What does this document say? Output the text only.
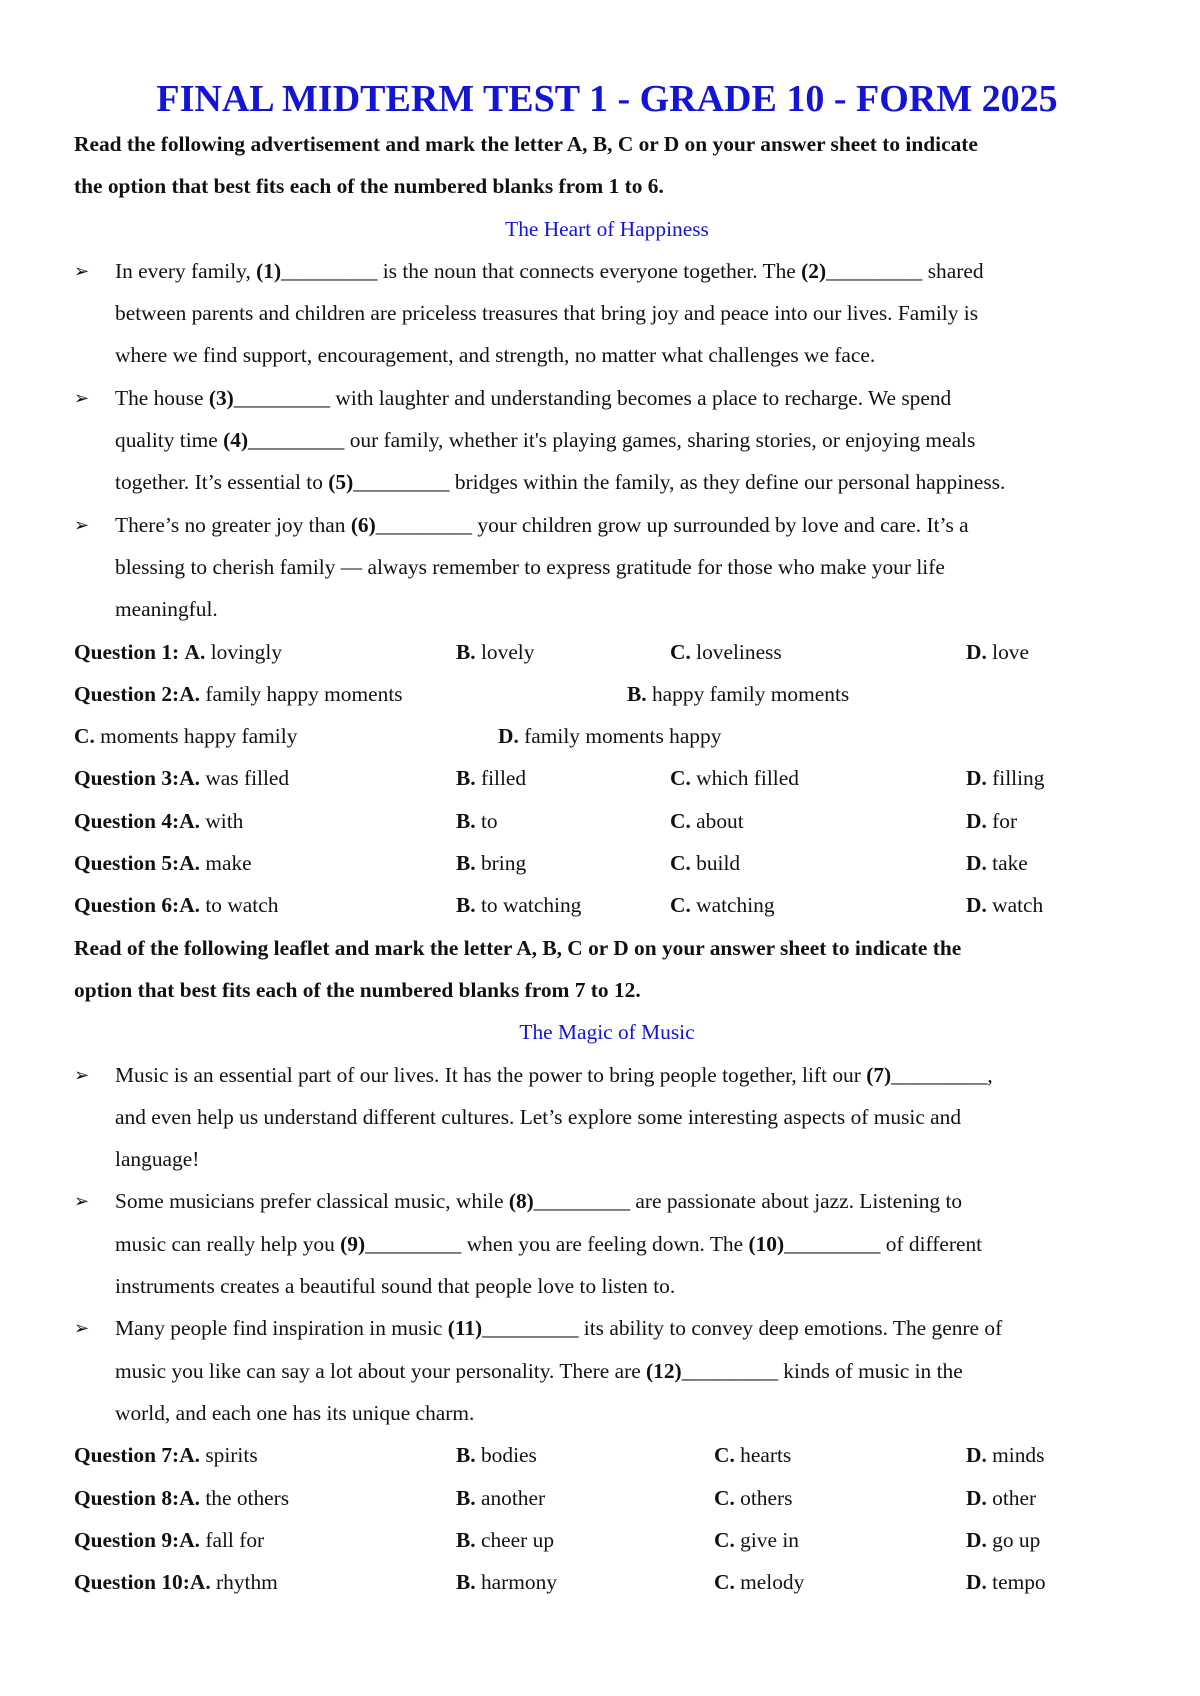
FINAL MIDTERM TEST 1 - GRADE 10 - FORM 2025
Read the following advertisement and mark the letter A, B, C or D on your answer sheet to indicate
the option that best fits each of the numbered blanks from 1 to 6.
The Heart of Happiness
➢ In every family, (1)_________ is the noun that connects everyone together. The (2)_________ shared
between parents and children are priceless treasures that bring joy and peace into our lives. Family is
where we find support, encouragement, and strength, no matter what challenges we face.
➢ The house (3)_________ with laughter and understanding becomes a place to recharge. We spend
quality time (4)_________ our family, whether it's playing games, sharing stories, or enjoying meals
together. It’s essential to (5)_________ bridges within the family, as they define our personal happiness.
➢ There’s no greater joy than (6)_________ your children grow up surrounded by love and care. It’s a
blessing to cherish family — always remember to express gratitude for those who make your life
meaningful.
Question 1: A. lovingly	B. lovely	C. loveliness	D. love
Question 2:A. family happy moments	B. happy family moments
C. moments happy family	D. family moments happy
Question 3:A. was filled	B. filled	C. which filled	D. filling
Question 4:A. with	B. to	C. about	D. for
Question 5:A. make	B. bring	C. build	D. take
Question 6:A. to watch	B. to watching	C. watching	D. watch
Read of the following leaflet and mark the letter A, B, C or D on your answer sheet to indicate the
option that best fits each of the numbered blanks from 7 to 12.
The Magic of Music
➢ Music is an essential part of our lives. It has the power to bring people together, lift our (7)_________,
and even help us understand different cultures. Let’s explore some interesting aspects of music and
language!
➢ Some musicians prefer classical music, while (8)_________ are passionate about jazz. Listening to
music can really help you (9)_________ when you are feeling down. The (10)_________ of different
instruments creates a beautiful sound that people love to listen to.
➢ Many people find inspiration in music (11)_________ its ability to convey deep emotions. The genre of
music you like can say a lot about your personality. There are (12)_________ kinds of music in the
world, and each one has its unique charm.
Question 7:A. spirits	B. bodies	C. hearts	D. minds
Question 8:A. the others	B. another	C. others	D. other
Question 9:A. fall for	B. cheer up	C. give in	D. go up
Question 10:A. rhythm	B. harmony	C. melody	D. tempo
